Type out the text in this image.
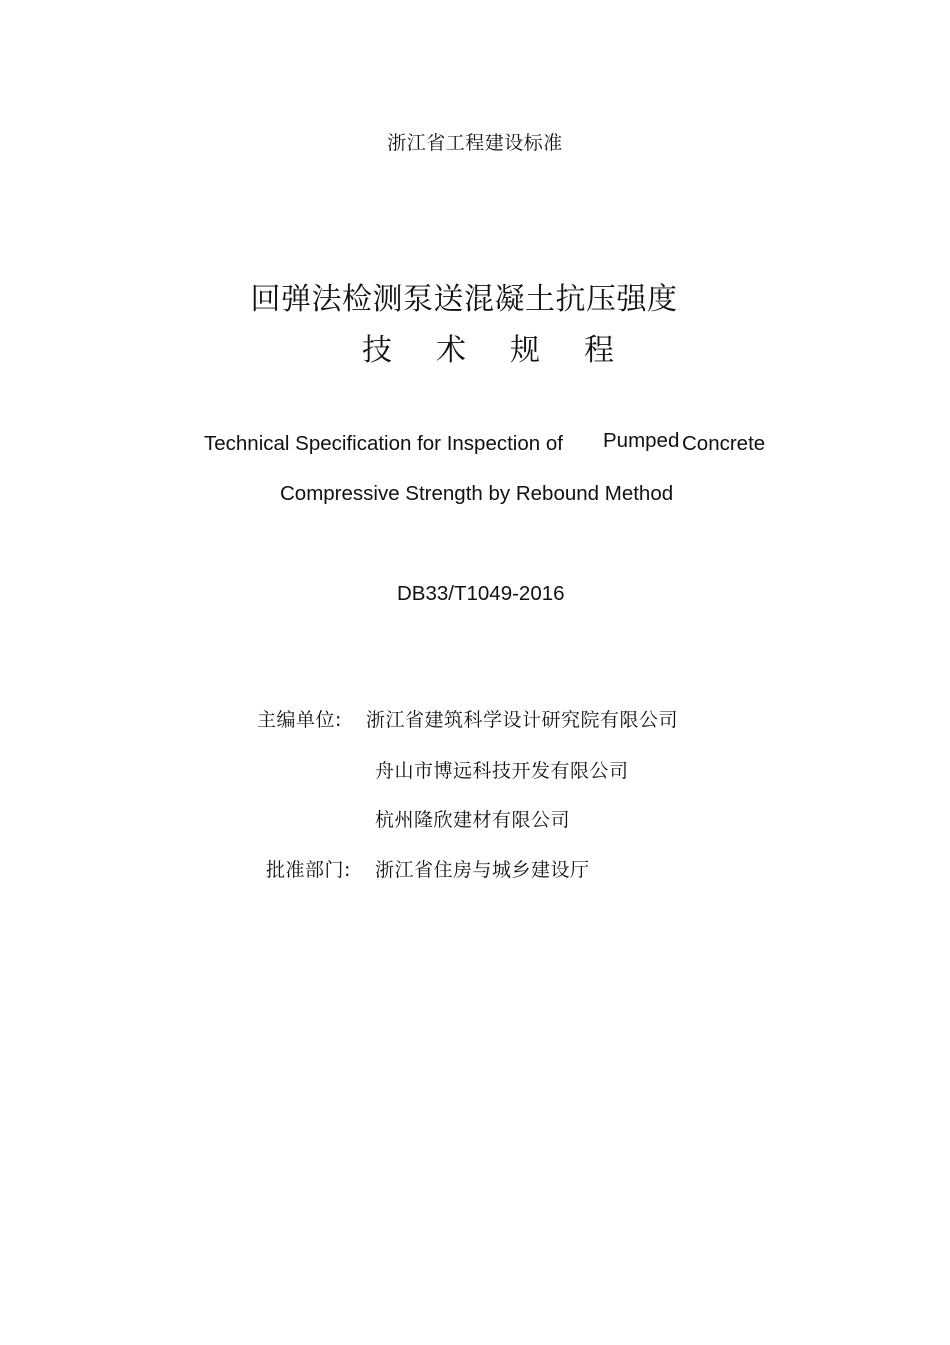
浙江省工程建设标准
回弹法检测泵送混凝土抗压强度
技术规程
Technical Specification for Inspection of Pumped Concrete
Compressive Strength by Rebound Method
DB33/T1049-2016
主编单位: 浙江省建筑科学设计研究院有限公司
舟山市博远科技开发有限公司
杭州隆欣建材有限公司
批准部门: 浙江省住房与城乡建设厅
